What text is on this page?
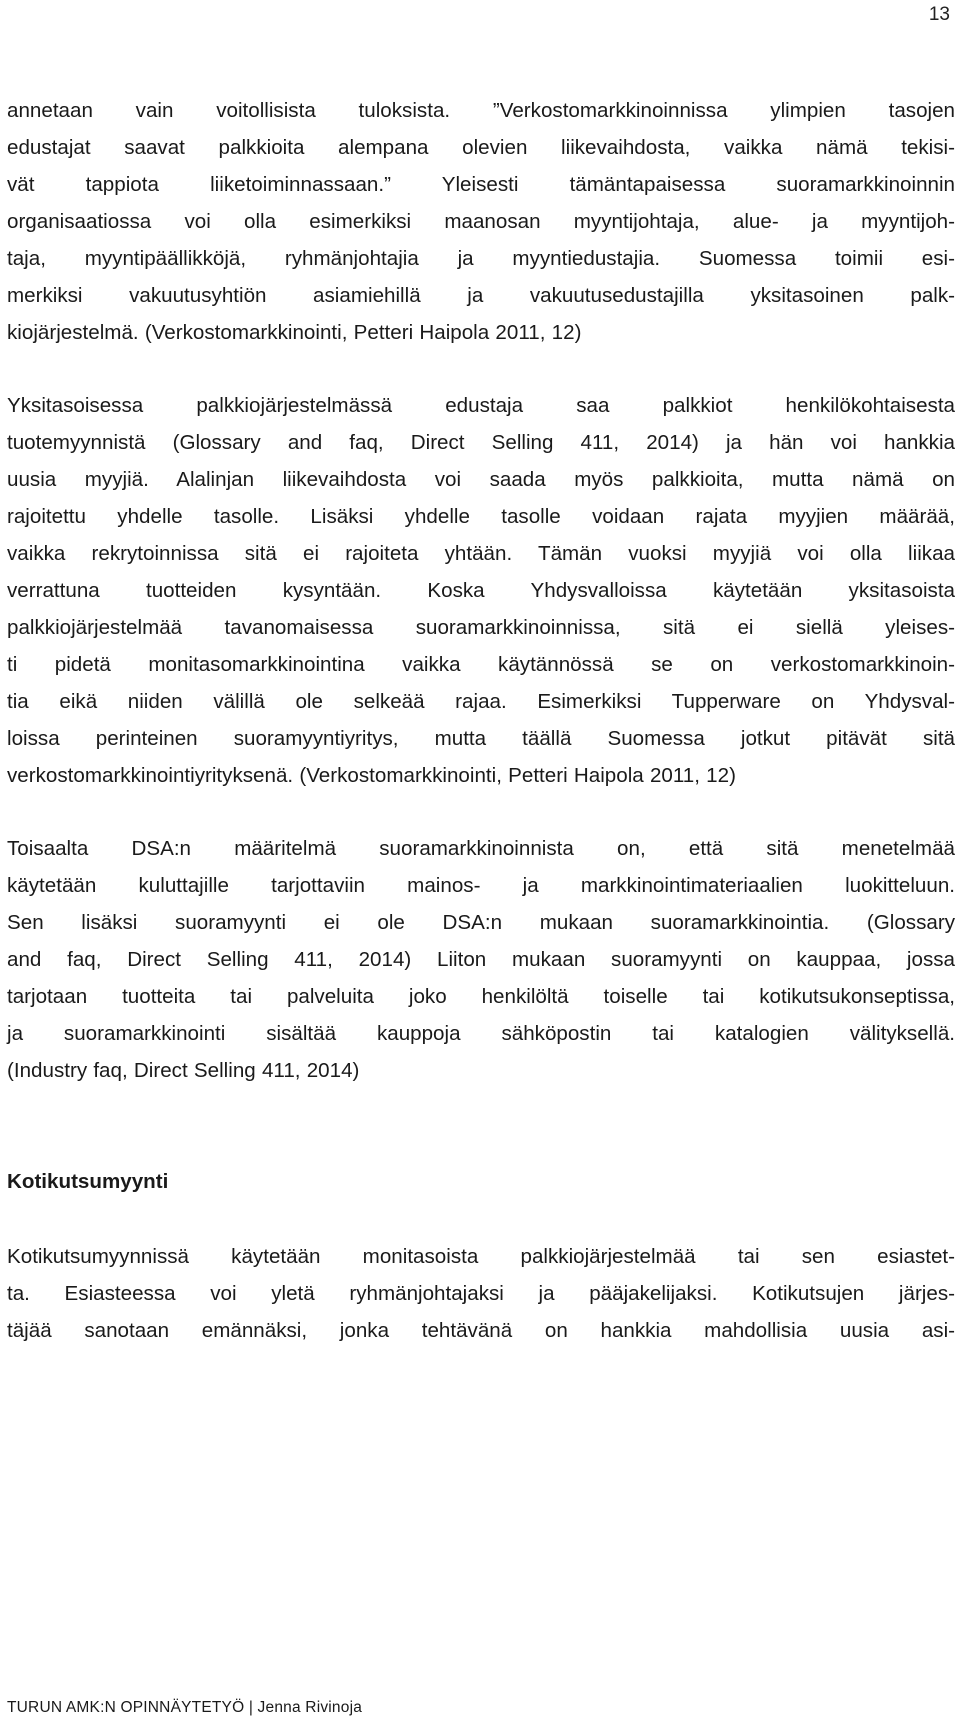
13
annetaan vain voitollisista tuloksista. ”Verkostomarkkinoinnissa ylimpien tasojen
edustajat saavat palkkioita alempana olevien liikevaihdosta, vaikka nämä tekisi-
vät tappiota liiketoiminnassaan.” Yleisesti tämäntapaisessa suoramarkkinoinnin
organisaatiossa voi olla esimerkiksi maanosan myyntijohtaja, alue- ja myyntijoh-
taja, myyntipäällikköjä, ryhmänjohtajia ja myyntiedustajia. Suomessa toimii esi-
merkiksi vakuutusyhtiön asiamiehillä ja vakuutusedustajilla yksitasoinen palk-
kiojärjestelmä. (Verkostomarkkinointi, Petteri Haipola 2011, 12)
Yksitasoisessa palkkiojärjestelmässä edustaja saa palkkiot henkilökohtaisesta
tuotemyynnistä (Glossary and faq, Direct Selling 411, 2014) ja hän voi hankkia
uusia myyjiä. Alalinjan liikevaihdosta voi saada myös palkkioita, mutta nämä on
rajoitettu yhdelle tasolle. Lisäksi yhdelle tasolle voidaan rajata myyjien määrää,
vaikka rekrytoinnissa sitä ei rajoiteta yhtään. Tämän vuoksi myyjiä voi olla liikaa
verrattuna tuotteiden kysyntään. Koska Yhdysvalloissa käytetään yksitasoista
palkkiojärjestelmää tavanomaisessa suoramarkkinoinnissa, sitä ei siellä yleises-
ti pidetä monitasomarkkinointina vaikka käytännössä se on verkostomarkkinoin-
tia eikä niiden välillä ole selkeää rajaa. Esimerkiksi Tupperware on Yhdysval-
loissa perinteinen suoramyyntiyritys, mutta täällä Suomessa jotkut pitävät sitä
verkostomarkkinointiyrityksenä. (Verkostomarkkinointi, Petteri Haipola 2011, 12)
Toisaalta DSA:n määritelmä suoramarkkinoinnista on, että sitä menetelmää
käytetään kuluttajille tarjottaviin mainos- ja markkinointimateriaalien luokitteluun.
Sen lisäksi suoramyynti ei ole DSA:n mukaan suoramarkkinointia. (Glossary
and faq, Direct Selling 411, 2014) Liiton mukaan suoramyynti on kauppaa, jossa
tarjotaan tuotteita tai palveluita joko henkilöltä toiselle tai kotikutsukonseptissa,
ja suoramarkkinointi sisältää kauppoja sähköpostin tai katalogien välityksellä.
(Industry faq, Direct Selling 411, 2014)
Kotikutsumyynti
Kotikutsumyynnissä käytetään monitasoista palkkiojärjestelmää tai sen esiastet-
ta. Esiasteessa voi yletä ryhmänjohtajaksi ja pääjakelijaksi. Kotikutsujen järjes-
täjää sanotaan emännäksi, jonka tehtävänä on hankkia mahdollisia uusia asi-
TURUN AMK:N OPINNÄYTETYÖ | Jenna Rivinoja
